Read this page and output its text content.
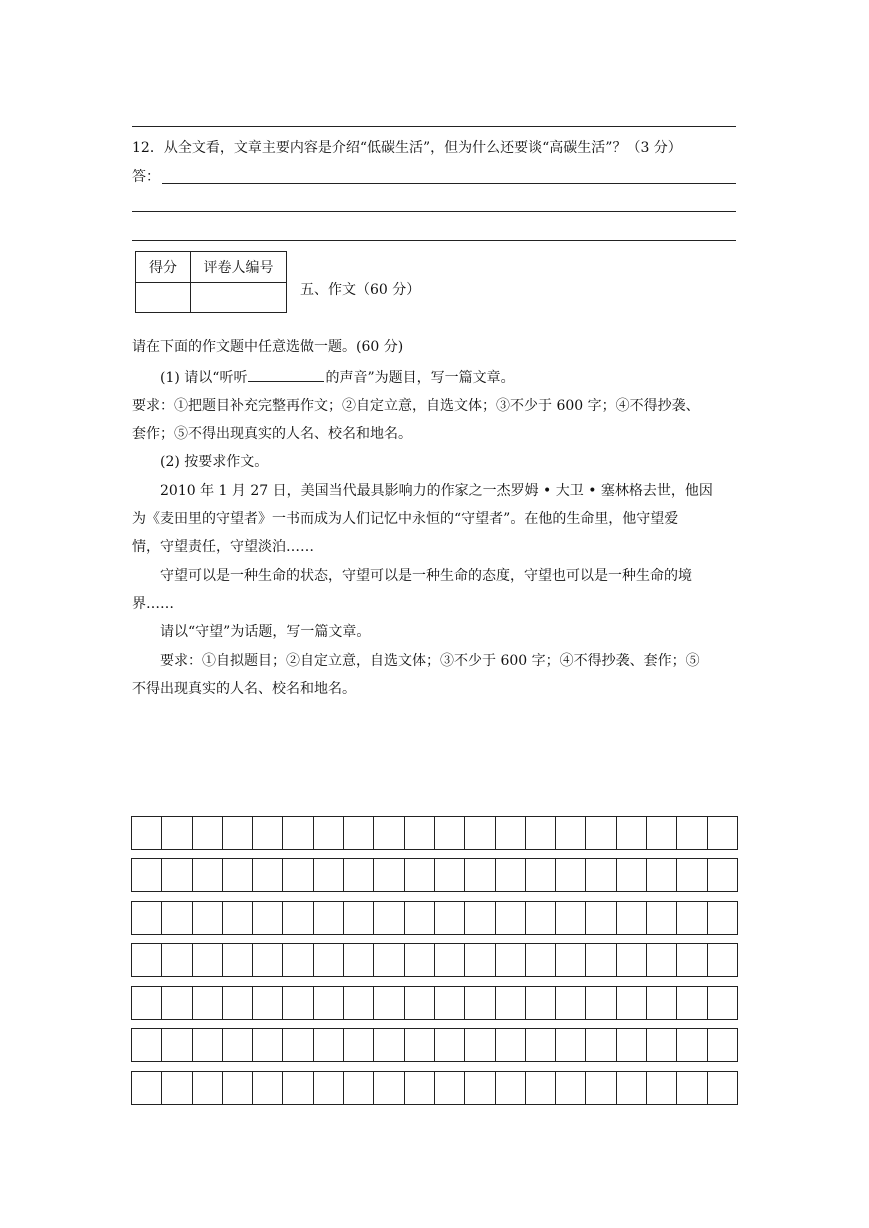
12．从全文看，文章主要内容是介绍“低碳生活”，但为什么还要谈“高碳生活”？（3 分）
答：
得分	评卷人编号

五、作文（60 分）
请在下面的作文题中任意选做一题。(60 分)
(1) 请以“听听	的声音”为题目，写一篇文章。
要求：①把题目补充完整再作文；②自定立意，自选文体；③不少于 600 字；④不得抄袭、
套作；⑤不得出现真实的人名、校名和地名。
(2) 按要求作文。
2010 年 1 月 27 日，美国当代最具影响力的作家之一杰罗姆 • 大卫 • 塞林格去世，他因
为《麦田里的守望者》一书而成为人们记忆中永恒的“守望者”。在他的生命里，他守望爱
情，守望责任，守望淡泊……
守望可以是一种生命的状态，守望可以是一种生命的态度，守望也可以是一种生命的境
界……
请以“守望”为话题，写一篇文章。
要求：①自拟题目；②自定立意，自选文体；③不少于 600 字；④不得抄袭、套作；⑤
不得出现真实的人名、校名和地名。
